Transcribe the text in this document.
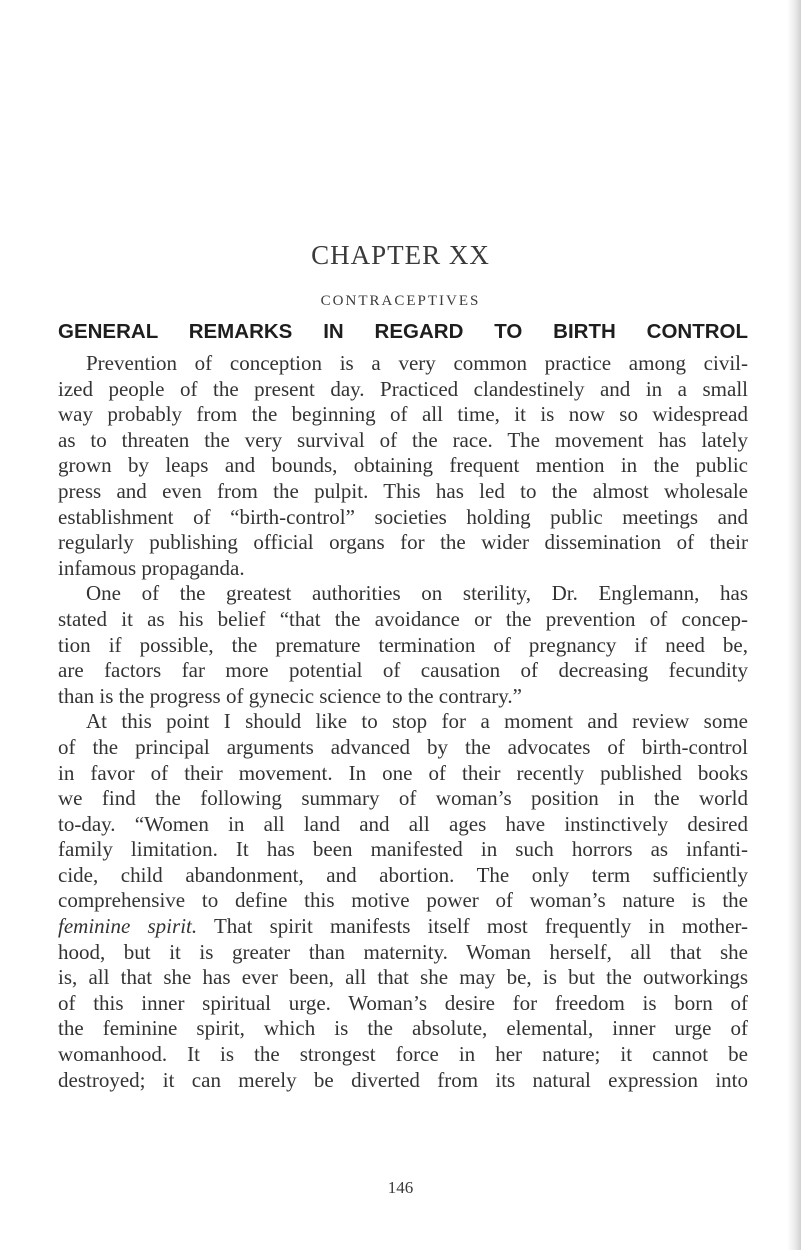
CHAPTER XX
CONTRACEPTIVES
GENERAL REMARKS IN REGARD TO BIRTH CONTROL
Prevention of conception is a very common practice among civil-
ized people of the present day. Practiced clandestinely and in a small
way probably from the beginning of all time, it is now so widespread
as to threaten the very survival of the race. The movement has lately
grown by leaps and bounds, obtaining frequent mention in the public
press and even from the pulpit. This has led to the almost wholesale
establishment of “birth-control” societies holding public meetings and
regularly publishing official organs for the wider dissemination of their
infamous propaganda.
One of the greatest authorities on sterility, Dr. Englemann, has
stated it as his belief “that the avoidance or the prevention of concep-
tion if possible, the premature termination of pregnancy if need be,
are factors far more potential of causation of decreasing fecundity
than is the progress of gynecic science to the contrary.”
At this point I should like to stop for a moment and review some
of the principal arguments advanced by the advocates of birth-control
in favor of their movement. In one of their recently published books
we find the following summary of woman’s position in the world
to-day. “Women in all land and all ages have instinctively desired
family limitation. It has been manifested in such horrors as infanti-
cide, child abandonment, and abortion. The only term sufficiently
comprehensive to define this motive power of woman’s nature is the
feminine spirit. That spirit manifests itself most frequently in mother-
hood, but it is greater than maternity. Woman herself, all that she
is, all that she has ever been, all that she may be, is but the outworkings
of this inner spiritual urge. Woman’s desire for freedom is born of
the feminine spirit, which is the absolute, elemental, inner urge of
womanhood. It is the strongest force in her nature; it cannot be
destroyed; it can merely be diverted from its natural expression into
146
